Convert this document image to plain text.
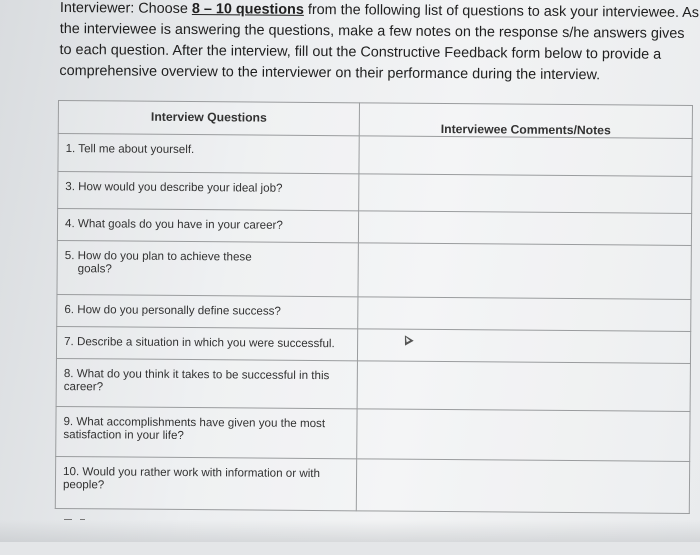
Interviewer: Choose 8 – 10 questions from the following list of questions to ask your interviewee. As the interviewee is answering the questions, make a few notes on the response s/he answers gives to each question. After the interview, fill out the Constructive Feedback form below to provide a comprehensive overview to the interviewer on their performance during the interview.
Interview Questions	Interviewee Comments/Notes
1. Tell me about yourself.	
3. How would you describe your ideal job?	
4. What goals do you have in your career?	

5. How do you plan to achieve these
goals?	

6. How do you personally define success?	
7. Describe a situation in which you were successful.	

8. What do you think it takes to be successful in this
career?	

9. What accomplishments have given you the most
satisfaction in your life?	

10. Would you rather work with information or with
people?	
